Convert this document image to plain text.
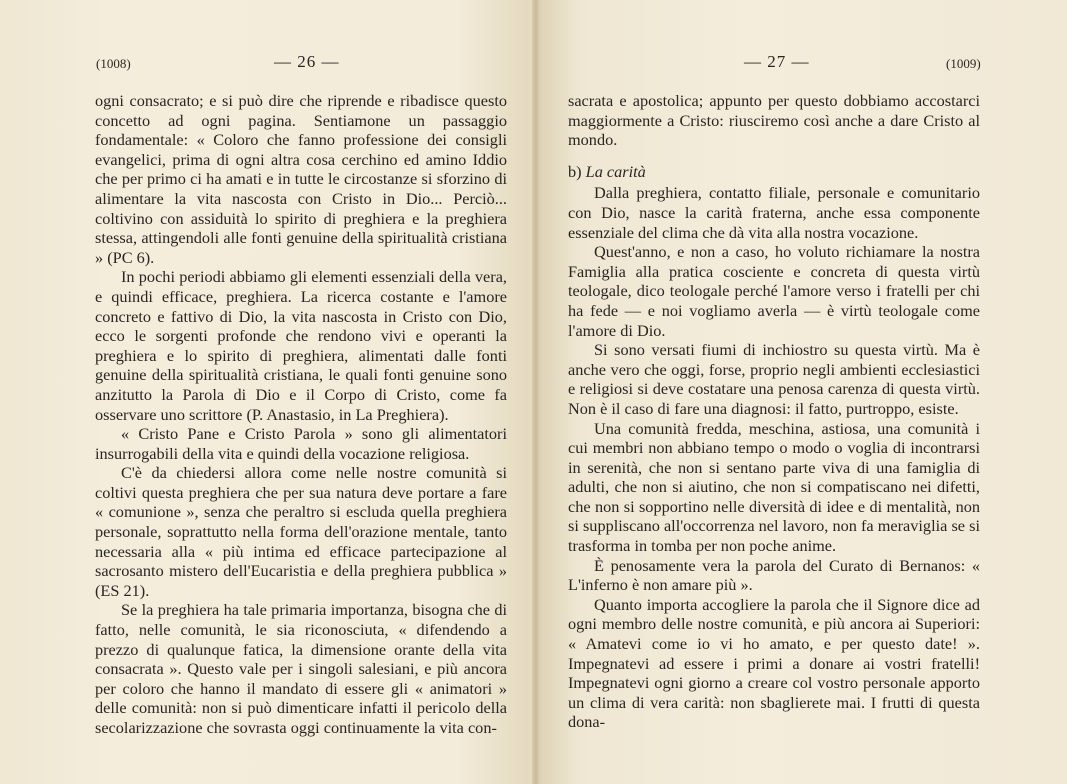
(1008)	— 26 —

ogni consacrato; e si può dire che riprende e ribadisce questo concetto ad ogni pagina. Sentiamone un passaggio fondamentale: « Coloro che fanno professione dei consigli evangelici, prima di ogni altra cosa cerchino ed amino Iddio che per primo ci ha amati e in tutte le circostanze si sforzino di alimentare la vita nascosta con Cristo in Dio... Perciò... coltivino con assiduità lo spirito di preghiera e la preghiera stessa, attingendoli alle fonti genuine della spiritualità cristiana » (PC 6).

In pochi periodi abbiamo gli elementi essenziali della vera, e quindi efficace, preghiera. La ricerca costante e l'amore concreto e fattivo di Dio, la vita nascosta in Cristo con Dio, ecco le sorgenti profonde che rendono vivi e operanti la preghiera e lo spirito di preghiera, alimentati dalle fonti genuine della spiritualità cristiana, le quali fonti genuine sono anzitutto la Parola di Dio e il Corpo di Cristo, come fa osservare uno scrittore (P. Anastasio, in La Preghiera).

« Cristo Pane e Cristo Parola » sono gli alimentatori insurrogabili della vita e quindi della vocazione religiosa.

C'è da chiedersi allora come nelle nostre comunità si coltivi questa preghiera che per sua natura deve portare a fare « comunione », senza che peraltro si escluda quella preghiera personale, soprattutto nella forma dell'orazione mentale, tanto necessaria alla « più intima ed efficace partecipazione al sacrosanto mistero dell'Eucaristia e della preghiera pubblica » (ES 21).

Se la preghiera ha tale primaria importanza, bisogna che di fatto, nelle comunità, le sia riconosciuta, « difendendo a prezzo di qualunque fatica, la dimensione orante della vita consacrata ». Questo vale per i singoli salesiani, e più ancora per coloro che hanno il mandato di essere gli « animatori » delle comunità: non si può dimenticare infatti il pericolo della secolarizzazione che sovrasta oggi continuamente la vita con-

— 27 —	(1009)

sacrata e apostolica; appunto per questo dobbiamo accostarci maggiormente a Cristo: riusciremo così anche a dare Cristo al mondo.

b) La carità

Dalla preghiera, contatto filiale, personale e comunitario con Dio, nasce la carità fraterna, anche essa componente essenziale del clima che dà vita alla nostra vocazione.

Quest'anno, e non a caso, ho voluto richiamare la nostra Famiglia alla pratica cosciente e concreta di questa virtù teologale, dico teologale perché l'amore verso i fratelli per chi ha fede — e noi vogliamo averla — è virtù teologale come l'amore di Dio.

Si sono versati fiumi di inchiostro su questa virtù. Ma è anche vero che oggi, forse, proprio negli ambienti ecclesiastici e religiosi si deve costatare una penosa carenza di questa virtù. Non è il caso di fare una diagnosi: il fatto, purtroppo, esiste.

Una comunità fredda, meschina, astiosa, una comunità i cui membri non abbiano tempo o modo o voglia di incontrarsi in serenità, che non si sentano parte viva di una famiglia di adulti, che non si aiutino, che non si compatiscano nei difetti, che non si sopportino nelle diversità di idee e di mentalità, non si suppliscano all'occorrenza nel lavoro, non fa meraviglia se si trasforma in tomba per non poche anime.

È penosamente vera la parola del Curato di Bernanos: « L'inferno è non amare più ».

Quanto importa accogliere la parola che il Signore dice ad ogni membro delle nostre comunità, e più ancora ai Superiori: « Amatevi come io vi ho amato, e per questo date! ». Impegnatevi ad essere i primi a donare ai vostri fratelli! Impegnatevi ogni giorno a creare col vostro personale apporto un clima di vera carità: non sbaglierete mai. I frutti di questa dona-
